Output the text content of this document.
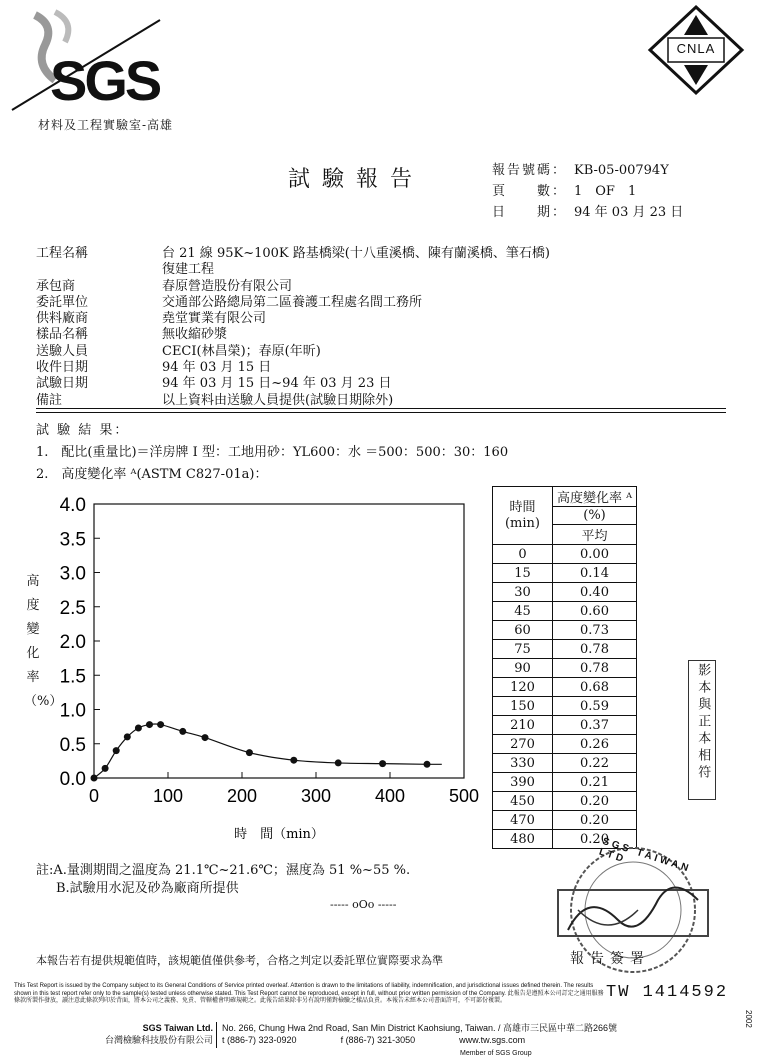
SGS
材料及工程實驗室-高雄
CNLA
試驗報告	報告號碼： KB-05-00794Y
頁　　數： 1　OF　1
日　　期： 94 年 03 月 23 日
工程名稱	台 21 線 95K~100K 路基橋梁(十八重溪橋、陳有蘭溪橋、筆石橋)
復建工程
承包商	春原營造股份有限公司
委託單位	交通部公路總局第二區養護工程處名間工務所
供料廠商	堯堂實業有限公司
樣品名稱	無收縮砂漿
送驗人員	CECI(林昌榮)；春原(年昕)
收件日期	94 年 03 月 15 日
試驗日期	94 年 03 月 15 日~94 年 03 月 23 日
備註	以上資料由送驗人員提供(試驗日期除外)
試 驗 結 果：
1.　配比(重量比)＝洋房牌 I 型：工地用砂：YL600：水 ＝500：500：30：160
2.　高度變化率 ᴬ(ASTM C827-01a)：
高度變化率（%）
0.0
0.5
1.0
1.5
2.0
2.5
3.0
3.5
4.0
0	100 200 300 400 500
時　間（min）
時間
(min)	高度變化率 ᴬ
	(%)
	平均
0	0.00
15	0.14
30	0.40
45	0.60
60	0.73
75	0.78
90	0.78
120	0.68
150	0.59
210	0.37
270	0.26
330	0.22
390	0.21
450	0.20
470	0.20
480	0.20
影本與正本相符
註:A.量測期間之溫度為 21.1℃~21.6℃；濕度為 51 %~55 %.
B.試驗用水泥及砂為廠商所提供
----- oOo -----
SGS TAIWAN LTD
報告簽署
TW 1414592
本報告若有提供規範值時，該規範值僅供參考，合格之判定以委託單位實際要求為準
This Test Report is issued by the Company subject to its General Conditions of Service printed overleaf. Attention is drawn to the limitations of liability, indemnification, and jurisdictional issues defined therein. The results shown in this test report refer only to the sample(s) tested unless otherwise stated. This Test Report cannot be reproduced, except in full, without prior written permission of the Company. 此報告是遵照本公司訂定之通用服務條款所製作發放，讀注意此條款列印於背面，將本公司之義務、免責、管轄權會明確規範之。此報告結果除非另有說明僅對檢驗之樣品負責。本報告未經本公司書面許可，不可部份複製。
SGS Taiwan Ltd.
台灣檢驗科技股份有限公司
No. 266, Chung Hwa 2nd Road, San Min District Kaohsiung, Taiwan. / 高雄市三民區中華二路266號
t (886-7) 323-0920	f (886-7) 321-3050	www.tw.sgs.com
Member of SGS Group
2002
